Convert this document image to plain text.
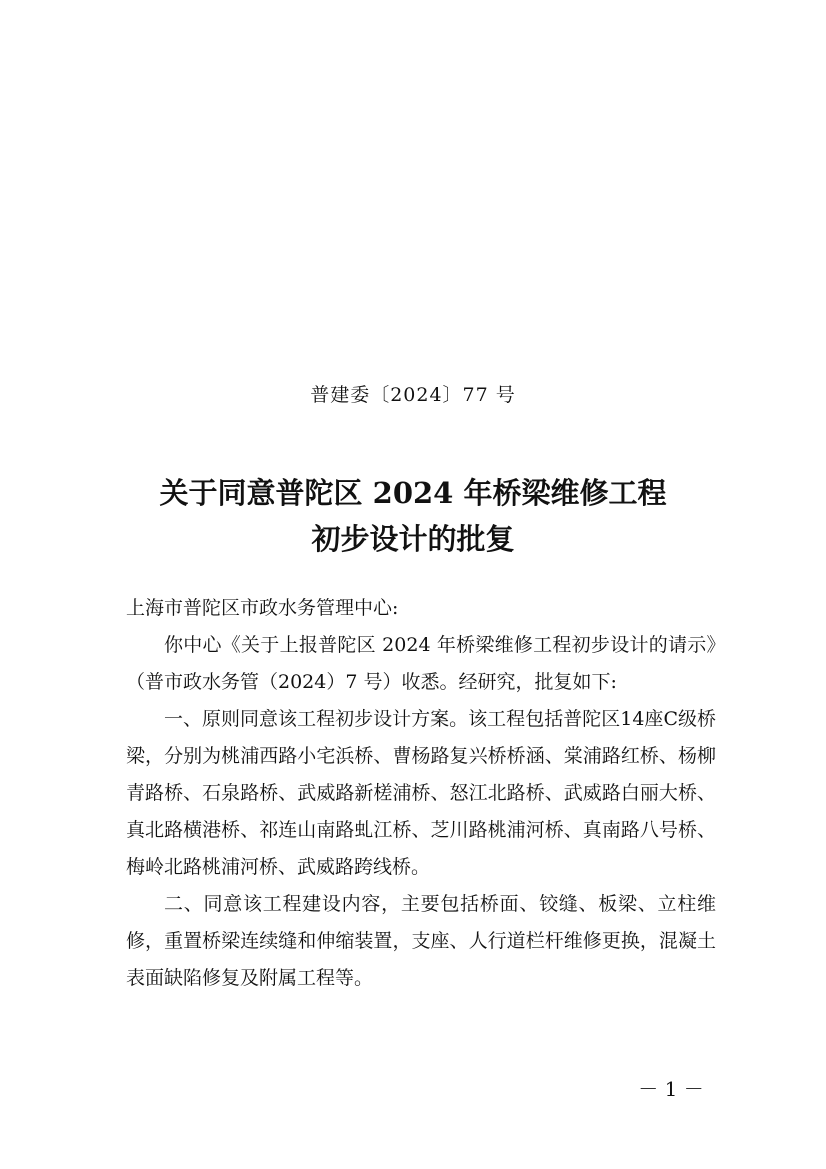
普建委〔2024〕77 号
关于同意普陀区 2024 年桥梁维修工程
初步设计的批复

上海市普陀区市政水务管理中心:

你中心《关于上报普陀区 2024 年桥梁维修工程初步设计的请示》（普市政水务管（2024）7 号）收悉。经研究，批复如下:

一、原则同意该工程初步设计方案。该工程包括普陀区14座C级桥梁，分别为桃浦西路小宅浜桥、曹杨路复兴桥桥涵、棠浦路红桥、杨柳青路桥、石泉路桥、武威路新槎浦桥、怒江北路桥、武威路白丽大桥、真北路横港桥、祁连山南路虬江桥、芝川路桃浦河桥、真南路八号桥、梅岭北路桃浦河桥、武威路跨线桥。

二、同意该工程建设内容，主要包括桥面、铰缝、板梁、立柱维修，重置桥梁连续缝和伸缩装置，支座、人行道栏杆维修更换，混凝土表面缺陷修复及附属工程等。

－ 1 －
